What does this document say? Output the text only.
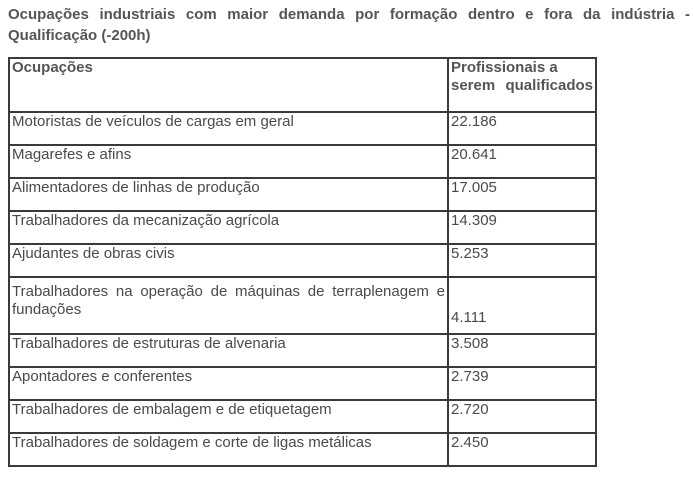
Ocupações industriais com maior demanda por formação dentro e fora da indústria - Qualificação (-200h)

Ocupações	Profissionais a serem qualificados
Motoristas de veículos de cargas em geral	22.186
Magarefes e afins	20.641
Alimentadores de linhas de produção	17.005
Trabalhadores da mecanização agrícola	14.309
Ajudantes de obras civis	5.253
Trabalhadores na operação de máquinas de terraplenagem e fundações	4.111
Trabalhadores de estruturas de alvenaria	3.508
Apontadores e conferentes	2.739
Trabalhadores de embalagem e de etiquetagem	2.720
Trabalhadores de soldagem e corte de ligas metálicas	2.450
